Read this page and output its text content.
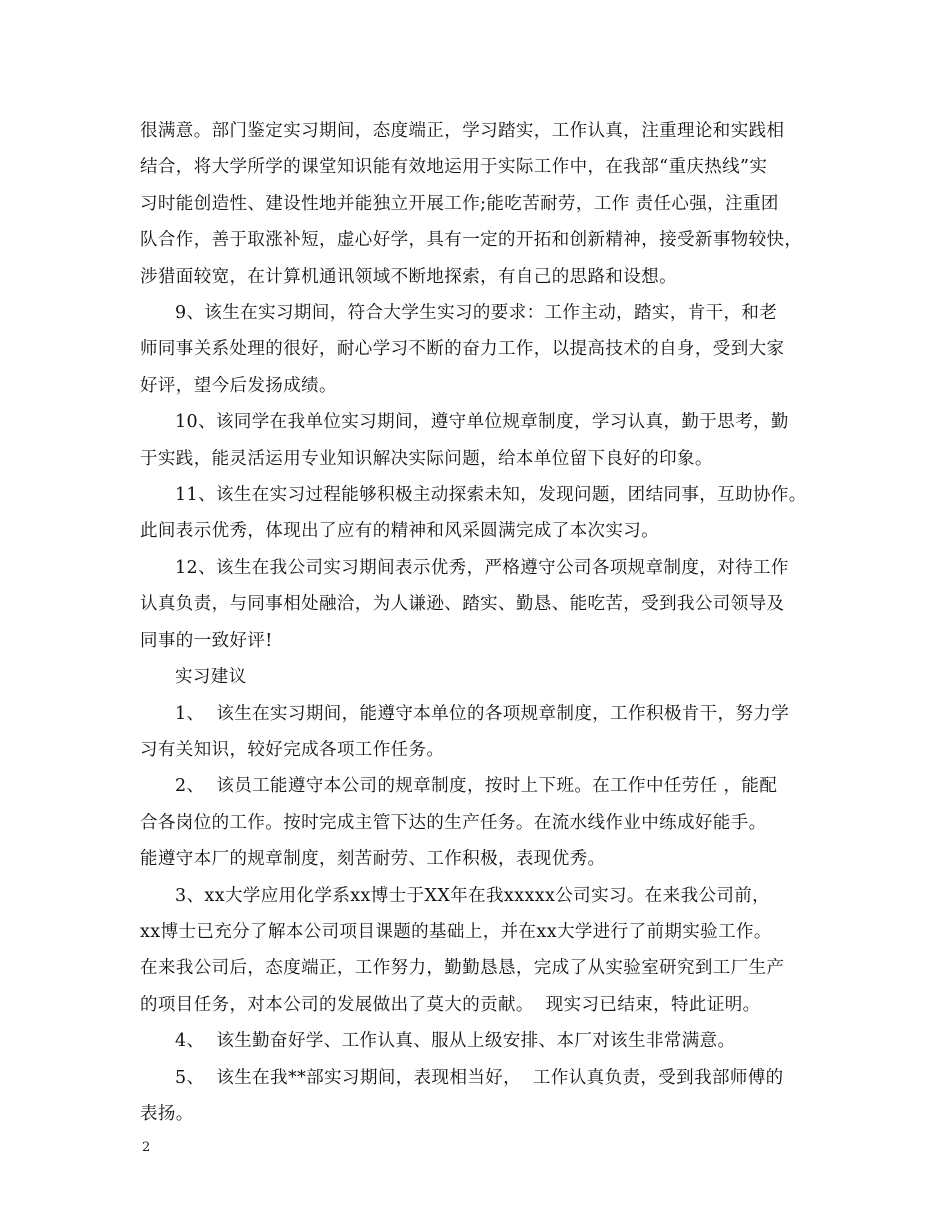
很满意。部门鉴定实习期间，态度端正，学习踏实，工作认真，注重理论和实践相
结合，将大学所学的课堂知识能有效地运用于实际工作中，在我部“重庆热线”实
习时能创造性、建设性地并能独立开展工作;能吃苦耐劳，工作 责任心强，注重团
队合作，善于取涨补短，虚心好学，具有一定的开拓和创新精神，接受新事物较快，
涉猎面较宽，在计算机通讯领域不断地探索，有自己的思路和设想。
9、该生在实习期间，符合大学生实习的要求：工作主动，踏实，肯干，和老
师同事关系处理的很好，耐心学习不断的奋力工作，以提高技术的自身，受到大家
好评，望今后发扬成绩。
10、该同学在我单位实习期间，遵守单位规章制度，学习认真，勤于思考，勤
于实践，能灵活运用专业知识解决实际问题，给本单位留下良好的印象。
11、该生在实习过程能够积极主动探索未知，发现问题，团结同事，互助协作。
此间表示优秀，体现出了应有的精神和风采圆满完成了本次实习。
12、该生在我公司实习期间表示优秀，严格遵守公司各项规章制度，对待工作
认真负责，与同事相处融洽，为人谦逊、踏实、勤恳、能吃苦，受到我公司领导及
同事的一致好评!
实习建议
1、  该生在实习期间，能遵守本单位的各项规章制度，工作积极肯干，努力学
习有关知识，较好完成各项工作任务。
2、  该员工能遵守本公司的规章制度，按时上下班。在工作中任劳任 ，能配
合各岗位的工作。按时完成主管下达的生产任务。在流水线作业中练成好能手。
能遵守本厂的规章制度，刻苦耐劳、工作积极，表现优秀。
3、xx大学应用化学系xx博士于XX年在我xxxxx公司实习。在来我公司前，
xx博士已充分了解本公司项目课题的基础上，并在xx大学进行了前期实验工作。
在来我公司后，态度端正，工作努力，勤勤恳恳，完成了从实验室研究到工厂生产
的项目任务，对本公司的发展做出了莫大的贡献。  现实习已结束，特此证明。
4、  该生勤奋好学、工作认真、服从上级安排、本厂对该生非常满意。
5、  该生在我**部实习期间，表现相当好，  工作认真负责，受到我部师傅的
表扬。
2
